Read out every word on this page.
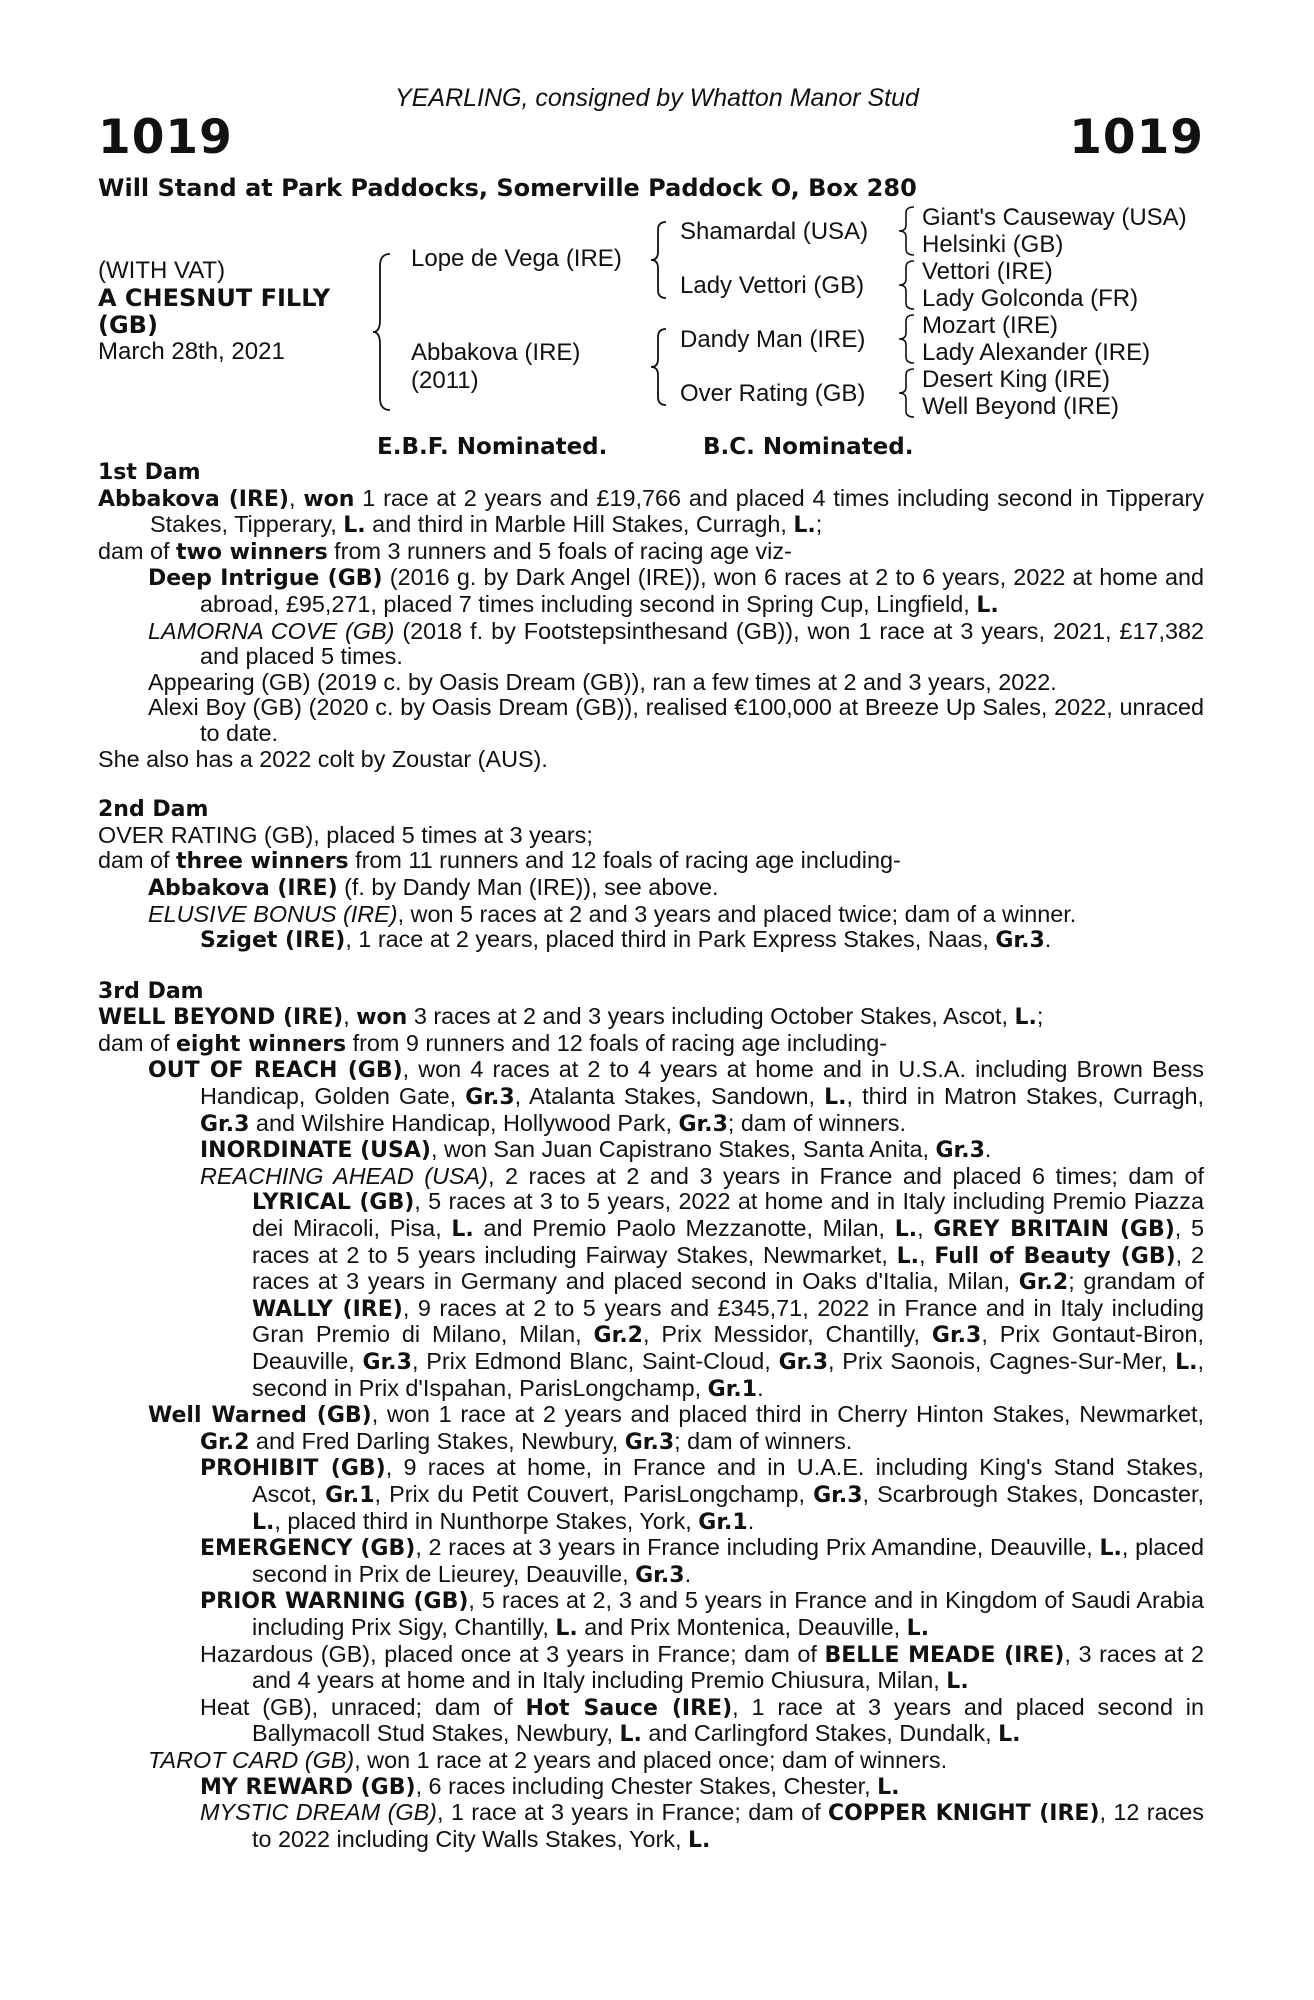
YEARLING, consigned by Whatton Manor Stud
1019	1019
Will Stand at Park Paddocks, Somerville Paddock O, Box 280
(WITH VAT)
A CHESNUT FILLY
(GB)
March 28th, 2021
Lope de Vega (IRE)
Abbakova (IRE)
(2011)
Shamardal (USA)
Lady Vettori (GB)
Dandy Man (IRE)
Over Rating (GB)
Giant's Causeway (USA)
Helsinki (GB)
Vettori (IRE)
Lady Golconda (FR)
Mozart (IRE)
Lady Alexander (IRE)
Desert King (IRE)
Well Beyond (IRE)
E.B.F. Nominated.	B.C. Nominated.
1st Dam
Abbakova (IRE), won 1 race at 2 years and £19,766 and placed 4 times including second in Tipperary Stakes, Tipperary, L. and third in Marble Hill Stakes, Curragh, L.;
dam of two winners from 3 runners and 5 foals of racing age viz-
Deep Intrigue (GB) (2016 g. by Dark Angel (IRE)), won 6 races at 2 to 6 years, 2022 at home and abroad, £95,271, placed 7 times including second in Spring Cup, Lingfield, L.
LAMORNA COVE (GB) (2018 f. by Footstepsinthesand (GB)), won 1 race at 3 years, 2021, £17,382 and placed 5 times.
Appearing (GB) (2019 c. by Oasis Dream (GB)), ran a few times at 2 and 3 years, 2022.
Alexi Boy (GB) (2020 c. by Oasis Dream (GB)), realised €100,000 at Breeze Up Sales, 2022, unraced to date.
She also has a 2022 colt by Zoustar (AUS).
2nd Dam
OVER RATING (GB), placed 5 times at 3 years;
dam of three winners from 11 runners and 12 foals of racing age including-
Abbakova (IRE) (f. by Dandy Man (IRE)), see above.
ELUSIVE BONUS (IRE), won 5 races at 2 and 3 years and placed twice; dam of a winner.
Sziget (IRE), 1 race at 2 years, placed third in Park Express Stakes, Naas, Gr.3.
3rd Dam
WELL BEYOND (IRE), won 3 races at 2 and 3 years including October Stakes, Ascot, L.;
dam of eight winners from 9 runners and 12 foals of racing age including-
OUT OF REACH (GB), won 4 races at 2 to 4 years at home and in U.S.A. including Brown Bess Handicap, Golden Gate, Gr.3, Atalanta Stakes, Sandown, L., third in Matron Stakes, Curragh, Gr.3 and Wilshire Handicap, Hollywood Park, Gr.3; dam of winners.
INORDINATE (USA), won San Juan Capistrano Stakes, Santa Anita, Gr.3.
REACHING AHEAD (USA), 2 races at 2 and 3 years in France and placed 6 times; dam of LYRICAL (GB), 5 races at 3 to 5 years, 2022 at home and in Italy including Premio Piazza dei Miracoli, Pisa, L. and Premio Paolo Mezzanotte, Milan, L., GREY BRITAIN (GB), 5 races at 2 to 5 years including Fairway Stakes, Newmarket, L., Full of Beauty (GB), 2 races at 3 years in Germany and placed second in Oaks d'Italia, Milan, Gr.2; grandam of WALLY (IRE), 9 races at 2 to 5 years and £345,71, 2022 in France and in Italy including Gran Premio di Milano, Milan, Gr.2, Prix Messidor, Chantilly, Gr.3, Prix Gontaut-Biron, Deauville, Gr.3, Prix Edmond Blanc, Saint-Cloud, Gr.3, Prix Saonois, Cagnes-Sur-Mer, L., second in Prix d'Ispahan, ParisLongchamp, Gr.1.
Well Warned (GB), won 1 race at 2 years and placed third in Cherry Hinton Stakes, Newmarket, Gr.2 and Fred Darling Stakes, Newbury, Gr.3; dam of winners.
PROHIBIT (GB), 9 races at home, in France and in U.A.E. including King's Stand Stakes, Ascot, Gr.1, Prix du Petit Couvert, ParisLongchamp, Gr.3, Scarbrough Stakes, Doncaster, L., placed third in Nunthorpe Stakes, York, Gr.1.
EMERGENCY (GB), 2 races at 3 years in France including Prix Amandine, Deauville, L., placed second in Prix de Lieurey, Deauville, Gr.3.
PRIOR WARNING (GB), 5 races at 2, 3 and 5 years in France and in Kingdom of Saudi Arabia including Prix Sigy, Chantilly, L. and Prix Montenica, Deauville, L.
Hazardous (GB), placed once at 3 years in France; dam of BELLE MEADE (IRE), 3 races at 2 and 4 years at home and in Italy including Premio Chiusura, Milan, L.
Heat (GB), unraced; dam of Hot Sauce (IRE), 1 race at 3 years and placed second in Ballymacoll Stud Stakes, Newbury, L. and Carlingford Stakes, Dundalk, L.
TAROT CARD (GB), won 1 race at 2 years and placed once; dam of winners.
MY REWARD (GB), 6 races including Chester Stakes, Chester, L.
MYSTIC DREAM (GB), 1 race at 3 years in France; dam of COPPER KNIGHT (IRE), 12 races to 2022 including City Walls Stakes, York, L.
